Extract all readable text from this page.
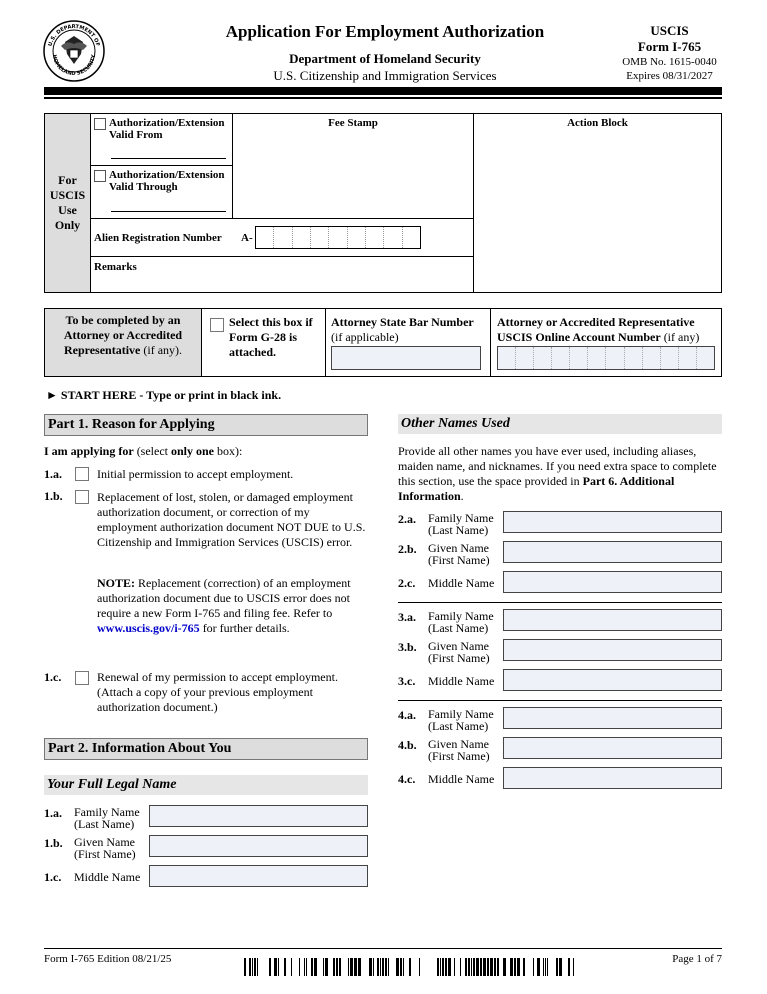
U.S. DEPARTMENT OF
HOMELAND SECURITY
Application For Employment Authorization
Department of Homeland Security
U.S. Citizenship and Immigration Services
USCIS
Form I-765
OMB No. 1615-0040
Expires 08/31/2027
For
USCIS
Use
Only
Authorization/Extension Valid From
Authorization/Extension Valid Through
Fee Stamp	Action Block
Alien Registration Number A-
Remarks
To be completed by an Attorney or Accredited Representative (if any).
Select this box if Form G-28 is attached.
Attorney State Bar Number
(if applicable)
Attorney or Accredited Representative USCIS Online Account Number (if any)
► START HERE - Type or print in black ink.
Part 1. Reason for Applying
I am applying for (select only one box):
1.a.	Initial permission to accept employment.
1.b.	Replacement of lost, stolen, or damaged employment authorization document, or correction of my employment authorization document NOT DUE to U.S. Citizenship and Immigration Services (USCIS) error.
NOTE: Replacement (correction) of an employment authorization document due to USCIS error does not require a new Form I-765 and filing fee. Refer to www.uscis.gov/i-765 for further details.
1.c.	Renewal of my permission to accept employment. (Attach a copy of your previous employment authorization document.)
Part 2. Information About You
Your Full Legal Name
1.a. Family Name
(Last Name)
1.b. Given Name
(First Name)
1.c. Middle Name
Other Names Used
Provide all other names you have ever used, including aliases, maiden name, and nicknames. If you need extra space to complete this section, use the space provided in Part 6. Additional Information.
2.a. Family Name
(Last Name)
2.b. Given Name
(First Name)
2.c. Middle Name
3.a. Family Name
(Last Name)
3.b. Given Name
(First Name)
3.c. Middle Name
4.a. Family Name
(Last Name)
4.b. Given Name
(First Name)
4.c. Middle Name
Form I-765 Edition 08/21/25	Page 1 of 7
